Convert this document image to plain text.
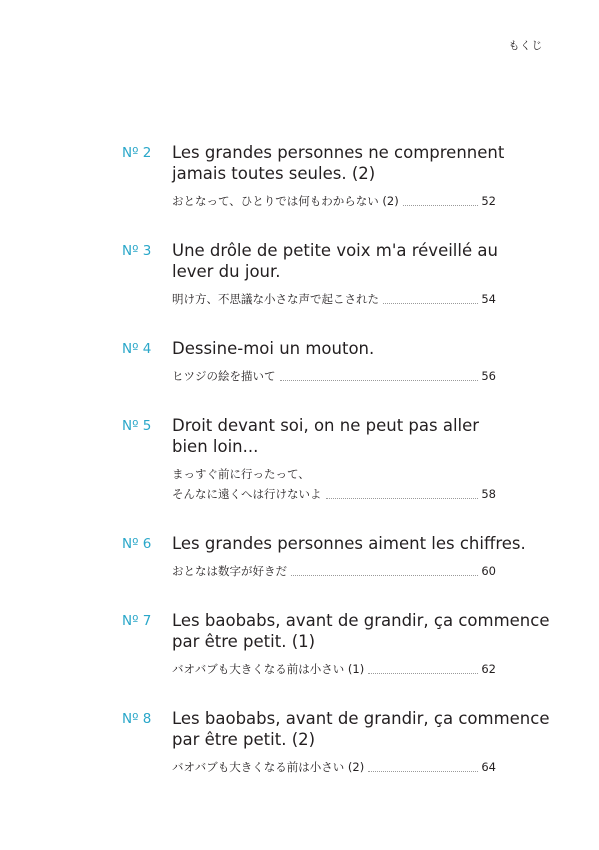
もくじ
Nº 2 Les grandes personnes ne comprennent
jamais toutes seules. (2)
おとなって、ひとりでは何もわからない (2)	52
Nº 3 Une drôle de petite voix m'a réveillé au
lever du jour.
明け方、不思議な小さな声で起こされた	54
Nº 4 Dessine-moi un mouton.
ヒツジの絵を描いて	56
Nº 5 Droit devant soi, on ne peut pas aller
bien loin...
まっすぐ前に行ったって、
そんなに遠くへは行けないよ	58
Nº 6 Les grandes personnes aiment les chiffres.
おとなは数字が好きだ	60
Nº 7 Les baobabs, avant de grandir, ça commence
par être petit. (1)
バオバブも大きくなる前は小さい (1)	62
Nº 8 Les baobabs, avant de grandir, ça commence
par être petit. (2)
バオバブも大きくなる前は小さい (2)	64
